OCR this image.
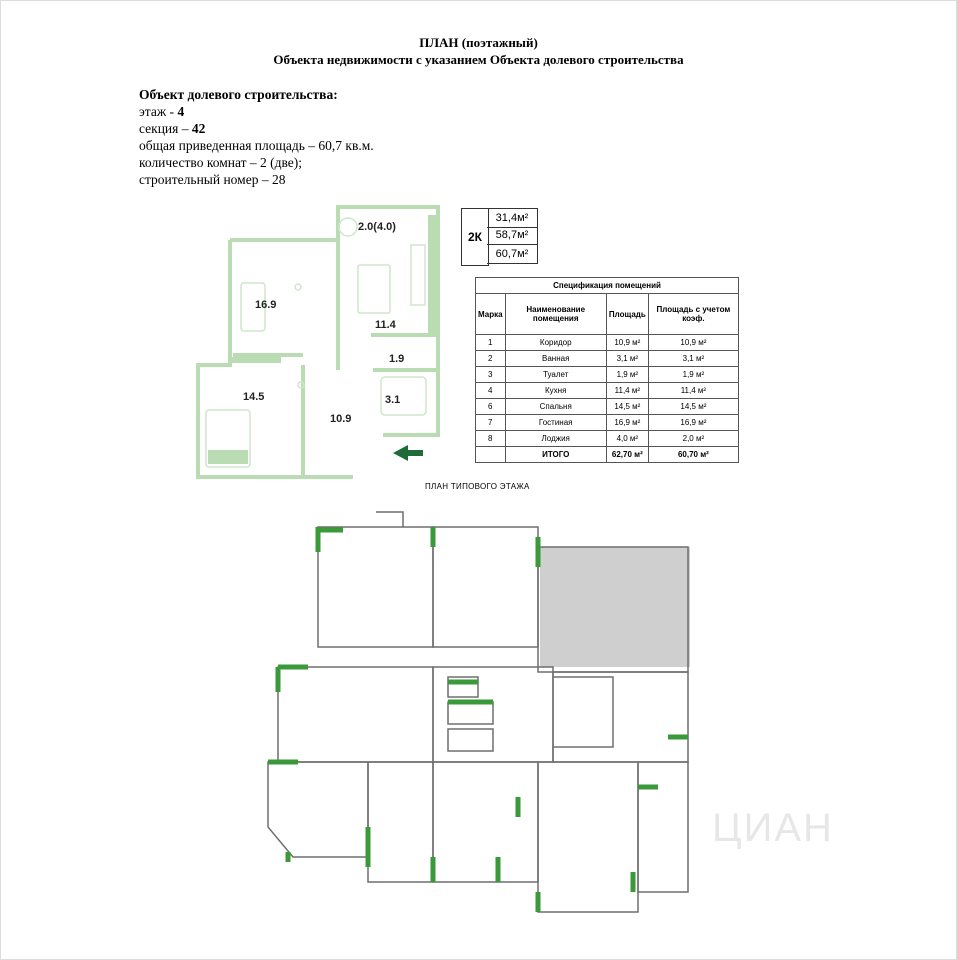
ПЛАН (поэтажный)
Объекта недвижимости с указанием Объекта долевого строительства
Объект долевого строительства:
этаж - 4
секция – 42
общая приведенная площадь – 60,7 кв.м.
количество комнат – 2 (две);
строительный номер – 28
2.0(4.0)
16.9
11.4
1.9
14.5	3.1
10.9
2К
31,4м²
58,7м²
60,7м²
Спецификация помещений			
Марка	Наименование помещения	Площадь	Площадь с учетом коэф.
1	Коридор	10,9 м²	10,9 м²
2	Ванная	3,1 м²	3,1 м²
3	Туалет	1,9 м²	1,9 м²
4	Кухня	11,4 м²	11,4 м²
6	Спальня	14,5 м²	14,5 м²
7	Гостиная	16,9 м²	16,9 м²
8	Лоджия	4,0 м²	2,0 м²
	ИТОГО	62,70 м²	60,70 м²
ПЛАН ТИПОВОГО ЭТАЖА
ЦИАН
